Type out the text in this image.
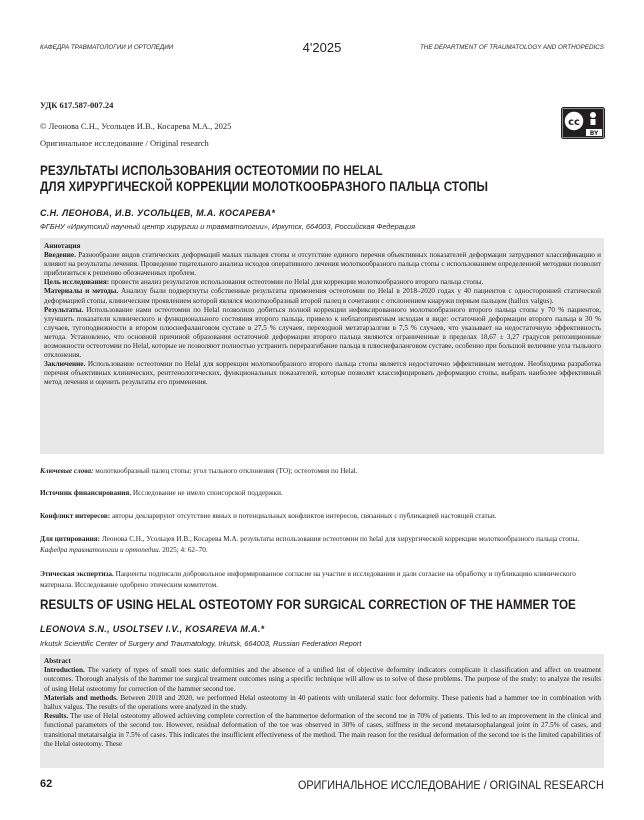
КАФЕДРА ТРАВМАТОЛОГИИ И ОРТОПЕДИИ	4'2025	THE DEPARTMENT OF TRAUMATOLOGY AND ORTHOPEDICS
УДК 617.587-007.24
© Леонова С.Н., Усольцев И.В., Косарева М.А., 2025
Оригинальное исследование / Original research
cc
BY
РЕЗУЛЬТАТЫ ИСПОЛЬЗОВАНИЯ ОСТЕОТОМИИ ПО HELAL
ДЛЯ ХИРУРГИЧЕСКОЙ КОРРЕКЦИИ МОЛОТКООБРАЗНОГО ПАЛЬЦА СТОПЫ
С.Н. ЛЕОНОВА, И.В. УСОЛЬЦЕВ, М.А. КОСАРЕВА*
ФГБНУ «Иркутский научный центр хирургии и травматологии», Иркутск, 664003, Российская Федерация

Аннотация

Введение. Разнообразие видов статических деформаций малых пальцев стопы и отсутствие единого перечня объективных показателей деформации затрудняют классификацию и влияют на результаты лечения. Проведение тщательного анализа исходов оперативного лечения молоткообразного пальца стопы с использованием определенной методики позволит приблизиться к решению обозначенных проблем.

Цель исследования: провести анализ результатов использования остеотомии по Helal для коррекции молоткообразного второго пальца стопы.

Материалы и методы. Анализу были подвергнуты собственные результаты применения остеотомии по Helal в 2018–2020 годах у 40 пациентов с односторонней статической деформацией стопы, клиническим проявлением которой являлся молоткообразный второй палец в сочетании с отклонением кнаружи первым пальцем (hallux valgus).

Результаты. Использование нами остеотомии по Helal позволило добиться полной коррекции нефиксированного молоткообразного второго пальца стопы у 70 % пациентов, улучшить показатели клинического и функционального состояния второго пальца, привело к неблагоприятным исходам в виде: остаточной деформации второго пальца в 30 % случаев, тугоподвижности в втором плюснефаланговом суставе в 27,5 % случаев, переходной метатарзалгии в 7,5 % случаев, что указывает на недостаточную эффективность метода. Установлено, что основной причиной образования остаточной деформации второго пальца являются ограниченные в пределах 18,67 ± 3,27 градусов репозиционные возможности остеотомии по Helal, которые не позволяют полностью устранить переразгибание пальца в плюснефаланговом суставе, особенно при большой величине угла тыльного отклонения.

Заключение. Использование остеотомии по Helal для коррекции молоткообразного второго пальца стопы является недостаточно эффективным методом. Необходима разработка перечня объективных клинических, рентгенологических, функциональных показателей, которые позволят классифицировать деформацию стопы, выбрать наиболее эффективный метод лечения и оценить результаты его применения.

Ключевые слова: молоткообразный палец стопы; угол тыльного отклонения (ТО); остеотомия по Helal.
Источник финансирования. Исследование не имело спонсорской поддержки.
Конфликт интересов: авторы декларируют отсутствие явных и потенциальных конфликтов интересов, связанных с публикацией настоящей статьи.
Для цитирования: Леонова С.Н., Усольцев И.В., Косарева М.А. результаты использования остеотомии по helal для хирургической коррекции молоткообразного пальца стопы. Кафедра травматологии и ортопедии. 2025; 4: 62–70.
Этическая экспертиза. Пациенты подписали добровольное информированное согласие на участие в исследовании и дали согласие на обработку и публикацию клинического материала. Исследование одобрено этическим комитетом.
RESULTS OF USING HELAL OSTEOTOMY FOR SURGICAL CORRECTION OF THE HAMMER TOE
LEONOVA S.N., USOLTSEV I.V., KOSAREVA M.A.*
Irkutsk Scientific Center of Surgery and Traumatology, Irkutsk, 664003, Russian Federation Report

Abstract

Introduction. The variety of types of small toes static deformities and the absence of a unified list of objective deformity indicators complicate it classification and affect on treatment outcomes. Thorough analysis of the hammer toe surgical treatment outcomes using a specific technique will allow us to solve of these problems. The purpose of the study: to analyze the results of using Helal osteotomy for correction of the hammer second toe.

Materials and methods. Between 2018 and 2020, we performed Helal osteotomy in 40 patients with unilateral static foot deformity. These patients had a hammer toe in combination with hallux valgus. The results of the operations were analyzed in the study.

Results. The use of Helal osteotomy allowed achieving complete correction of the hammertoe deformation of the second toe in 70% of patients. This led to an improvement in the clinical and functional parameters of the second toe. However, residual deformation of the toe was observed in 30% of cases, stiffness in the second metatarsophalangeal joint in 27.5% of cases, and transitional metatarsalgia in 7.5% of cases. This indicates the insufficient effectiveness of the method. The main reason for the residual deformation of the second toe is the limited capabilities of the Helal osteotomy. These

62	ОРИГИНАЛЬНОЕ ИССЛЕДОВАНИЕ / ORIGINAL RESEARCH
